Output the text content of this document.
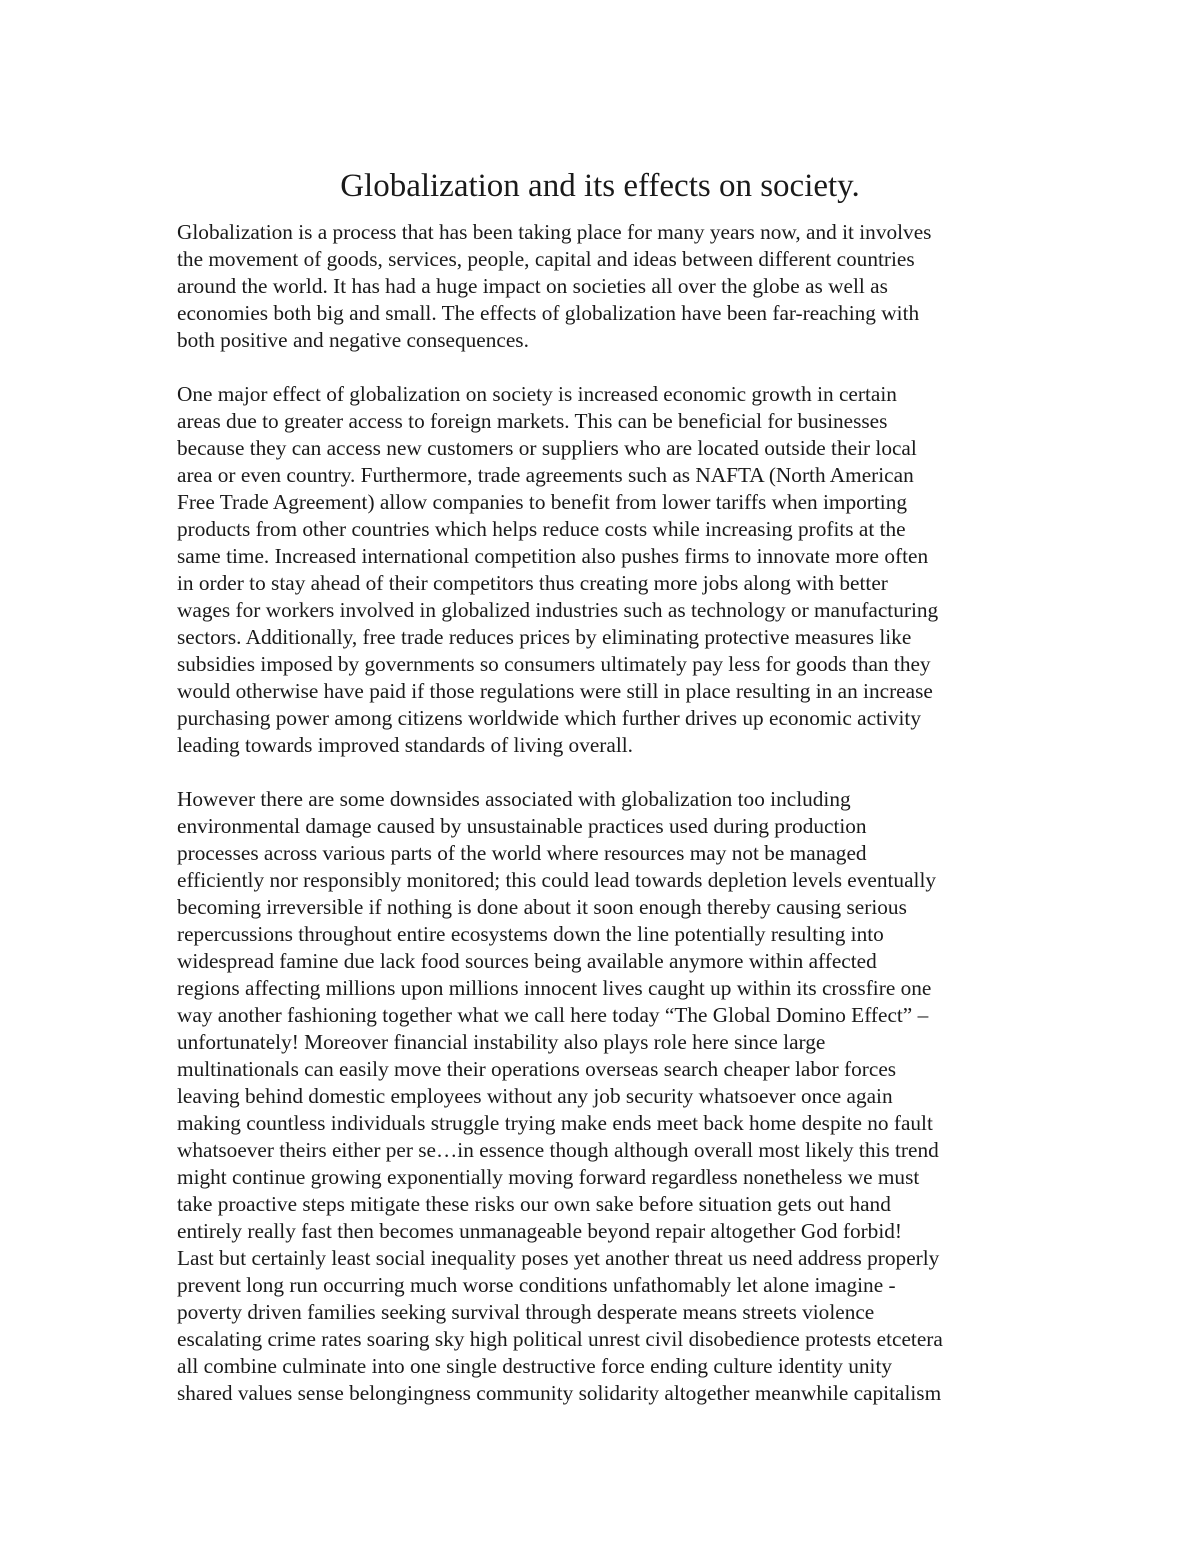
Globalization and its effects on society.
Globalization is a process that has been taking place for many years now, and it involves
the movement of goods, services, people, capital and ideas between different countries
around the world. It has had a huge impact on societies all over the globe as well as
economies both big and small. The effects of globalization have been far-reaching with
both positive and negative consequences.
One major effect of globalization on society is increased economic growth in certain
areas due to greater access to foreign markets. This can be beneficial for businesses
because they can access new customers or suppliers who are located outside their local
area or even country. Furthermore, trade agreements such as NAFTA (North American
Free Trade Agreement) allow companies to benefit from lower tariffs when importing
products from other countries which helps reduce costs while increasing profits at the
same time. Increased international competition also pushes firms to innovate more often
in order to stay ahead of their competitors thus creating more jobs along with better
wages for workers involved in globalized industries such as technology or manufacturing
sectors. Additionally, free trade reduces prices by eliminating protective measures like
subsidies imposed by governments so consumers ultimately pay less for goods than they
would otherwise have paid if those regulations were still in place resulting in an increase
purchasing power among citizens worldwide which further drives up economic activity
leading towards improved standards of living overall.
However there are some downsides associated with globalization too including
environmental damage caused by unsustainable practices used during production
processes across various parts of the world where resources may not be managed
efficiently nor responsibly monitored; this could lead towards depletion levels eventually
becoming irreversible if nothing is done about it soon enough thereby causing serious
repercussions throughout entire ecosystems down the line potentially resulting into
widespread famine due lack food sources being available anymore within affected
regions affecting millions upon millions innocent lives caught up within its crossfire one
way another fashioning together what we call here today “The Global Domino Effect” –
unfortunately! Moreover financial instability also plays role here since large
multinationals can easily move their operations overseas search cheaper labor forces
leaving behind domestic employees without any job security whatsoever once again
making countless individuals struggle trying make ends meet back home despite no fault
whatsoever theirs either per se…in essence though although overall most likely this trend
might continue growing exponentially moving forward regardless nonetheless we must
take proactive steps mitigate these risks our own sake before situation gets out hand
entirely really fast then becomes unmanageable beyond repair altogether God forbid!
Last but certainly least social inequality poses yet another threat us need address properly
prevent long run occurring much worse conditions unfathomably let alone imagine -
poverty driven families seeking survival through desperate means streets violence
escalating crime rates soaring sky high political unrest civil disobedience protests etcetera
all combine culminate into one single destructive force ending culture identity unity
shared values sense belongingness community solidarity altogether meanwhile capitalism
